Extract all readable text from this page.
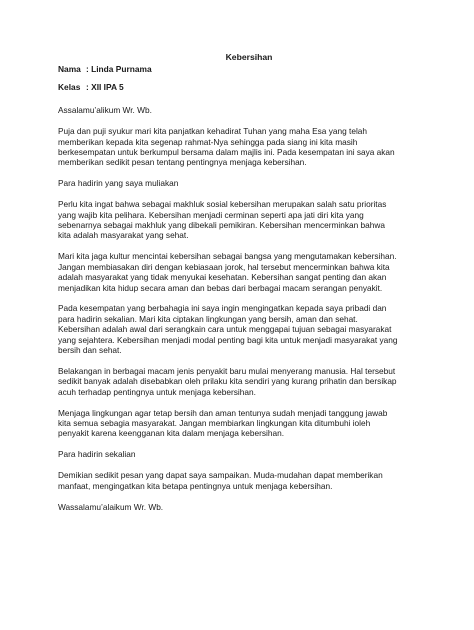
Kebersihan
Nama : Linda Purnama
Kelas : XII IPA 5
Assalamu’alikum Wr. Wb.
Puja dan puji syukur mari kita panjatkan kehadirat Tuhan yang maha Esa yang telah
memberikan kepada kita segenap rahmat-Nya sehingga pada siang ini kita masih
berkesempatan untuk berkumpul bersama dalam majlis ini. Pada kesempatan ini saya akan
memberikan sedikit pesan tentang pentingnya menjaga kebersihan.
Para hadirin yang saya muliakan
Perlu kita ingat bahwa sebagai makhluk sosial kebersihan merupakan salah satu prioritas
yang wajib kita pelihara. Kebersihan menjadi cerminan seperti apa jati diri kita yang
sebenarnya sebagai makhluk yang dibekali pemikiran. Kebersihan mencerminkan bahwa
kita adalah masyarakat yang sehat.
Mari kita jaga kultur mencintai kebersihan sebagai bangsa yang mengutamakan kebersihan.
Jangan membiasakan diri dengan kebiasaan jorok, hal tersebut mencerminkan bahwa kita
adalah masyarakat yang tidak menyukai kesehatan. Kebersihan sangat penting dan akan
menjadikan kita hidup secara aman dan bebas dari berbagai macam serangan penyakit.
Pada kesempatan yang berbahagia ini saya ingin mengingatkan kepada saya pribadi dan
para hadirin sekalian. Mari kita ciptakan lingkungan yang bersih, aman dan sehat.
Kebersihan adalah awal dari serangkain cara untuk menggapai tujuan sebagai masyarakat
yang sejahtera. Kebersihan menjadi modal penting bagi kita untuk menjadi masyarakat yang
bersih dan sehat.
Belakangan in berbagai macam jenis penyakit baru mulai menyerang manusia. Hal tersebut
sedikit banyak adalah disebabkan oleh prilaku kita sendiri yang kurang prihatin dan bersikap
acuh terhadap pentingnya untuk menjaga kebersihan.
Menjaga lingkungan agar tetap bersih dan aman tentunya sudah menjadi tanggung jawab
kita semua sebagia masyarakat. Jangan membiarkan lingkungan kita ditumbuhi ioleh
penyakit karena keengganan kita dalam menjaga kebersihan.
Para hadirin sekalian
Demikian sedikit pesan yang dapat saya sampaikan. Muda-mudahan dapat memberikan
manfaat, mengingatkan kita betapa pentingnya untuk menjaga kebersihan.
Wassalamu’alaikum Wr. Wb.
